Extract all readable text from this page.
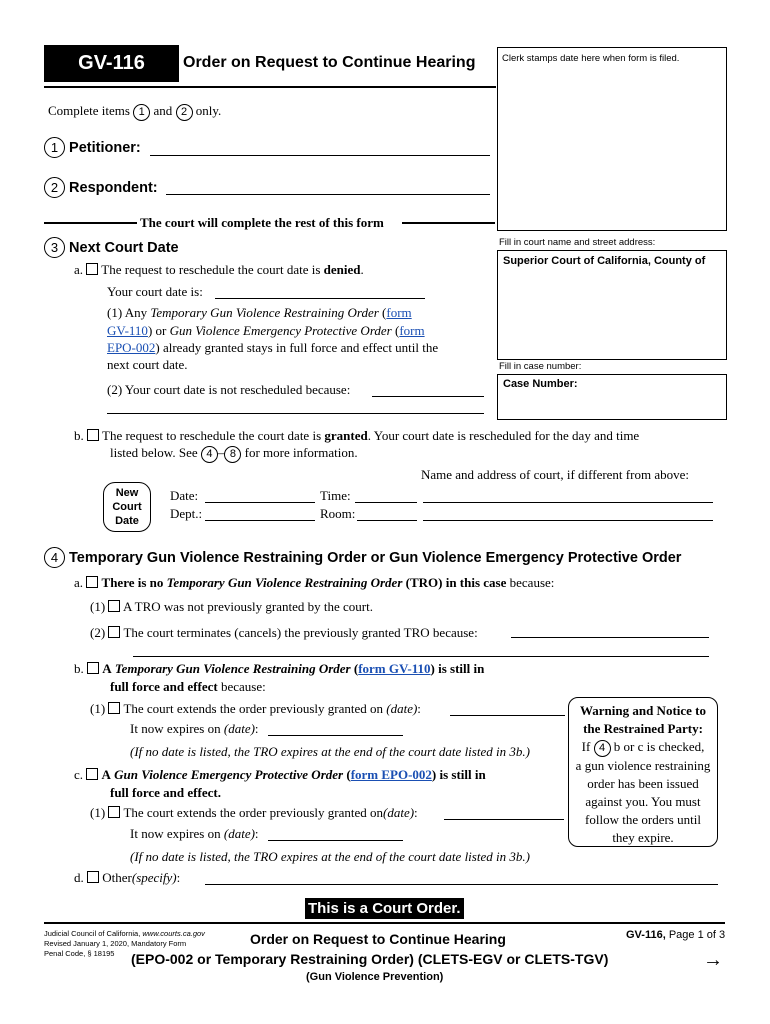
GV-116	Order on Request to Continue Hearing	Clerk stamps date here when form is filed.
Complete items 1 and 2 only.
1 Petitioner:
2 Respondent:
The court will complete the rest of this form
Fill in court name and street address:
Superior Court of California, County of
Fill in case number:
Case Number:
3 Next Court Date
a. The request to reschedule the court date is denied.
Your court date is:
(1) Any Temporary Gun Violence Restraining Order (form
GV-110) or Gun Violence Emergency Protective Order (form
EPO-002) already granted stays in full force and effect until the
next court date.
(2) Your court date is not rescheduled because:
b. The request to reschedule the court date is granted. Your court date is rescheduled for the day and time
listed below. See 4 – 8 for more information.
Name and address of court, if different from above:
New
Court
Date
Date:	Time:
Dept.:	Room:
4 Temporary Gun Violence Restraining Order or Gun Violence Emergency Protective Order
a. There is no Temporary Gun Violence Restraining Order (TRO) in this case because:
(1) A TRO was not previously granted by the court.
(2) The court terminates (cancels) the previously granted TRO because:
b. A Temporary Gun Violence Restraining Order (form GV-110) is still in
full force and effect because:
(1) The court extends the order previously granted on (date):
It now expires on (date):
(If no date is listed, the TRO expires at the end of the court date listed in 3b.)
c. A Gun Violence Emergency Protective Order (form EPO-002) is still in
full force and effect.
(1) The court extends the order previously granted on(date):
It now expires on (date):
(If no date is listed, the TRO expires at the end of the court date listed in 3b.)
d. Other(specify):
Warning and Notice to
the Restrained Party:
If 4 b or c is checked,
a gun violence restraining
order has been issued
against you. You must
follow the orders until
they expire.
This is a Court Order.
Judicial Council of California, www.courts.ca.gov
Revised January 1, 2020, Mandatory Form
Penal Code, § 18195
Order on Request to Continue Hearing
(EPO-002 or Temporary Restraining Order) (CLETS-EGV or CLETS-TGV)
(Gun Violence Prevention)
GV-116, Page 1 of 3
→
